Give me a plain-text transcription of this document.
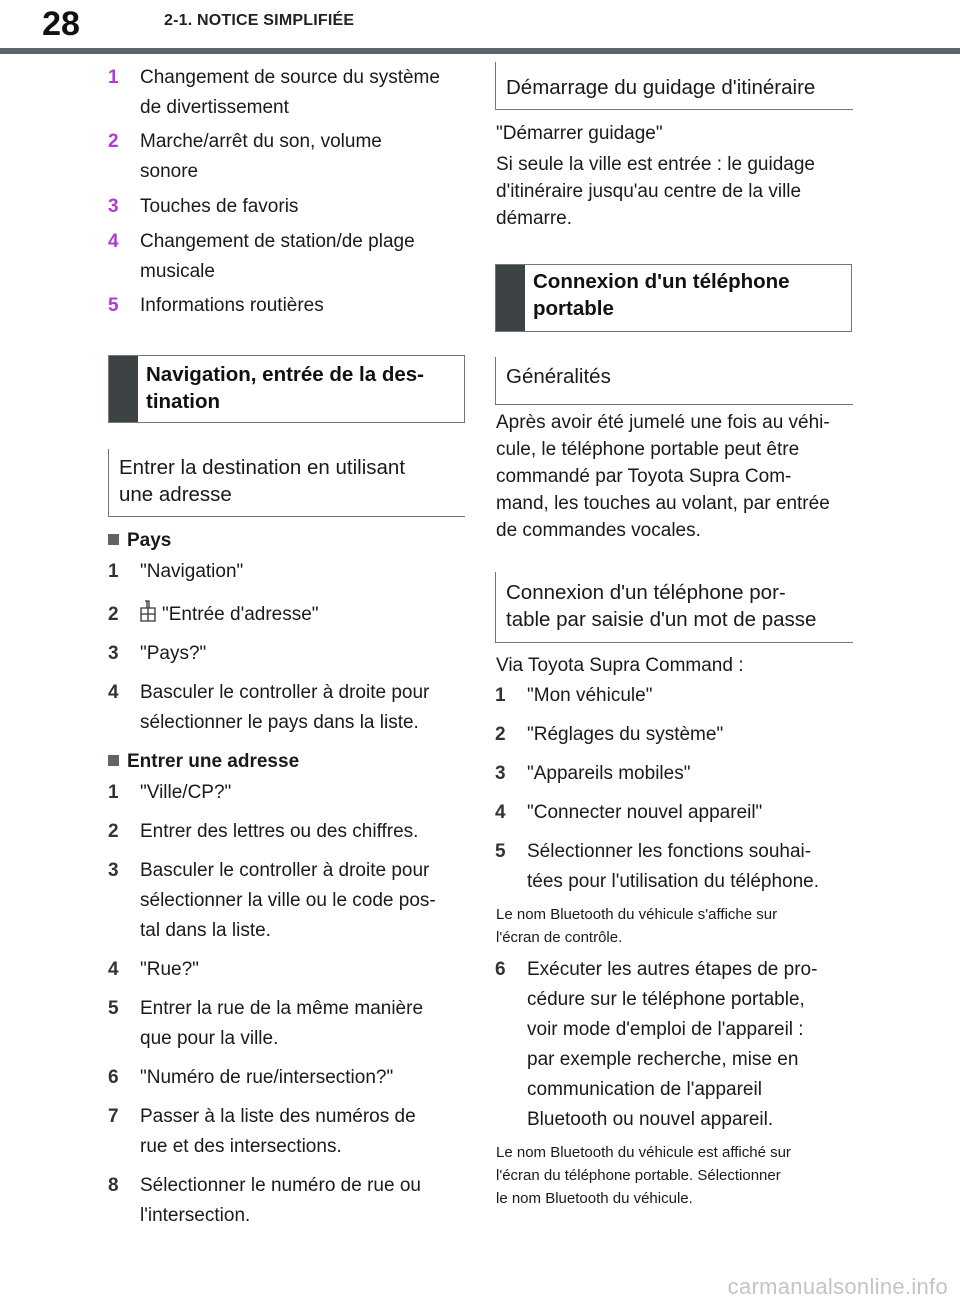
28	2-1. NOTICE SIMPLIFIÉE
1 Changement de source du système
de divertissement
2 Marche/arrêt du son, volume
sonore
3 Touches de favoris
4 Changement de station/de plage
musicale
5 Informations routières
Navigation, entrée de la des-
tination
Entrer la destination en utilisant
une adresse
Pays
1 "Navigation"
2	"Entrée d'adresse"
3 "Pays?"
4 Basculer le controller à droite pour
sélectionner le pays dans la liste.
Entrer une adresse
1 "Ville/CP?"
2 Entrer des lettres ou des chiffres.
3 Basculer le controller à droite pour
sélectionner la ville ou le code pos-
tal dans la liste.
4 "Rue?"
5 Entrer la rue de la même manière
que pour la ville.
6 "Numéro de rue/intersection?"
7 Passer à la liste des numéros de
rue et des intersections.
8 Sélectionner le numéro de rue ou
l'intersection.
Démarrage du guidage d'itinéraire
"Démarrer guidage"
Si seule la ville est entrée : le guidage
d'itinéraire jusqu'au centre de la ville
démarre.
Connexion d'un téléphone
portable
Généralités
Après avoir été jumelé une fois au véhi-
cule, le téléphone portable peut être
commandé par Toyota Supra Com-
mand, les touches au volant, par entrée
de commandes vocales.
Connexion d'un téléphone por-
table par saisie d'un mot de passe
Via Toyota Supra Command :
1 "Mon véhicule"
2 "Réglages du système"
3 "Appareils mobiles"
4 "Connecter nouvel appareil"
5 Sélectionner les fonctions souhai-
tées pour l'utilisation du téléphone.
Le nom Bluetooth du véhicule s'affiche sur
l'écran de contrôle.
6 Exécuter les autres étapes de pro-
cédure sur le téléphone portable,
voir mode d'emploi de l'appareil :
par exemple recherche, mise en
communication de l'appareil
Bluetooth ou nouvel appareil.
Le nom Bluetooth du véhicule est affiché sur
l'écran du téléphone portable. Sélectionner
le nom Bluetooth du véhicule.
carmanualsonline.info
